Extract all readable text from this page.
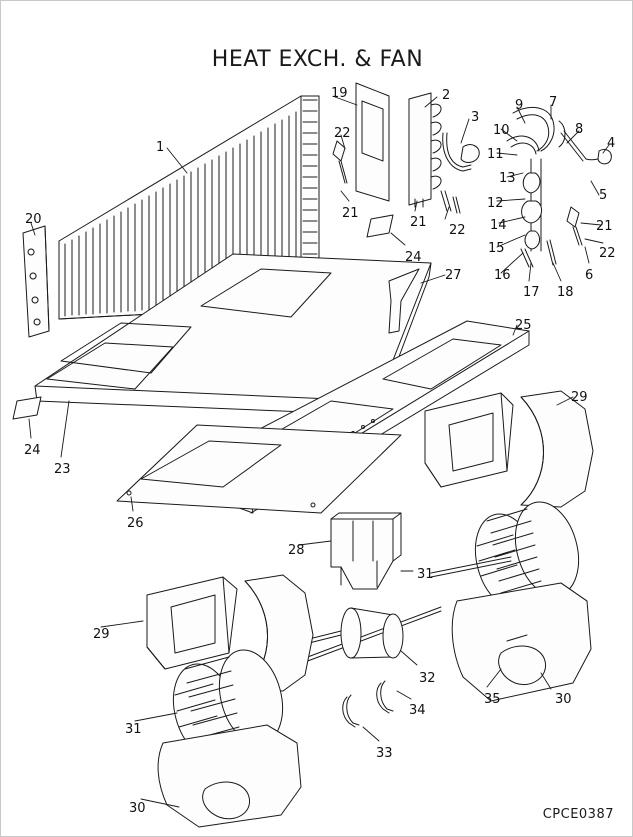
HEAT EXCH. & FAN
19	2
9 7
3
10	8
22
4
1	11
13
5
21
12
20	14
21
22	21
15	22
24
16	6
27
17 18
25
29
24
23
26
28
31
29
32
35	30
31
34
33
30	CPCE0387
